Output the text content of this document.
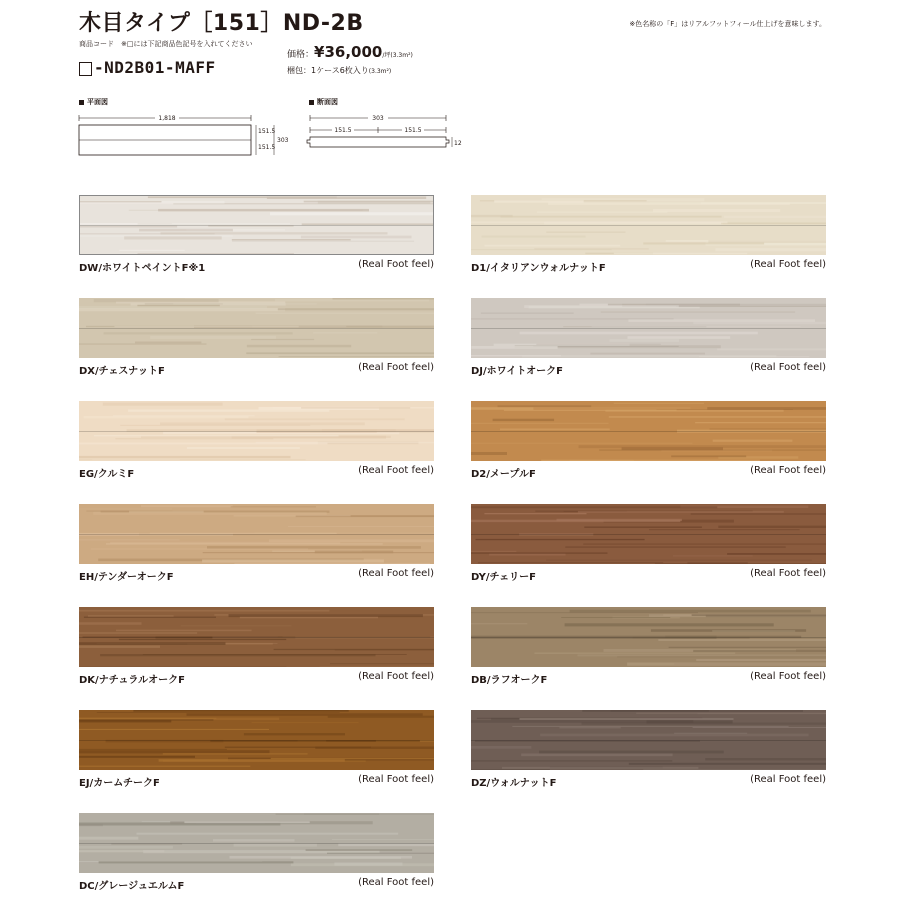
木目タイプ［151］ND-2B	※色名称の「F」はリアルフットフィール仕上げを意味します。
商品コード　※□には下記商品色記号を入れてください
-ND2B01-MAFF
価格：¥36,000/坪(3.3m²)
梱包：1ケース6枚入り(3.3m²)
平面図
1,818
151.5
151.5
303
断面図
303
151.5	151.5
12
DW/ホワイトペイントF※1	(Real Foot feel)	D1/イタリアンウォルナットF	(Real Foot feel)
DX/チェスナットF	(Real Foot feel)	DJ/ホワイトオークF	(Real Foot feel)
EG/クルミF	(Real Foot feel)	D2/メープルF	(Real Foot feel)
EH/テンダーオークF	(Real Foot feel)	DY/チェリーF	(Real Foot feel)
DK/ナチュラルオークF	(Real Foot feel)	DB/ラフオークF	(Real Foot feel)
EJ/カームチークF	(Real Foot feel)	DZ/ウォルナットF	(Real Foot feel)
DC/グレージュエルムF	(Real Foot feel)
